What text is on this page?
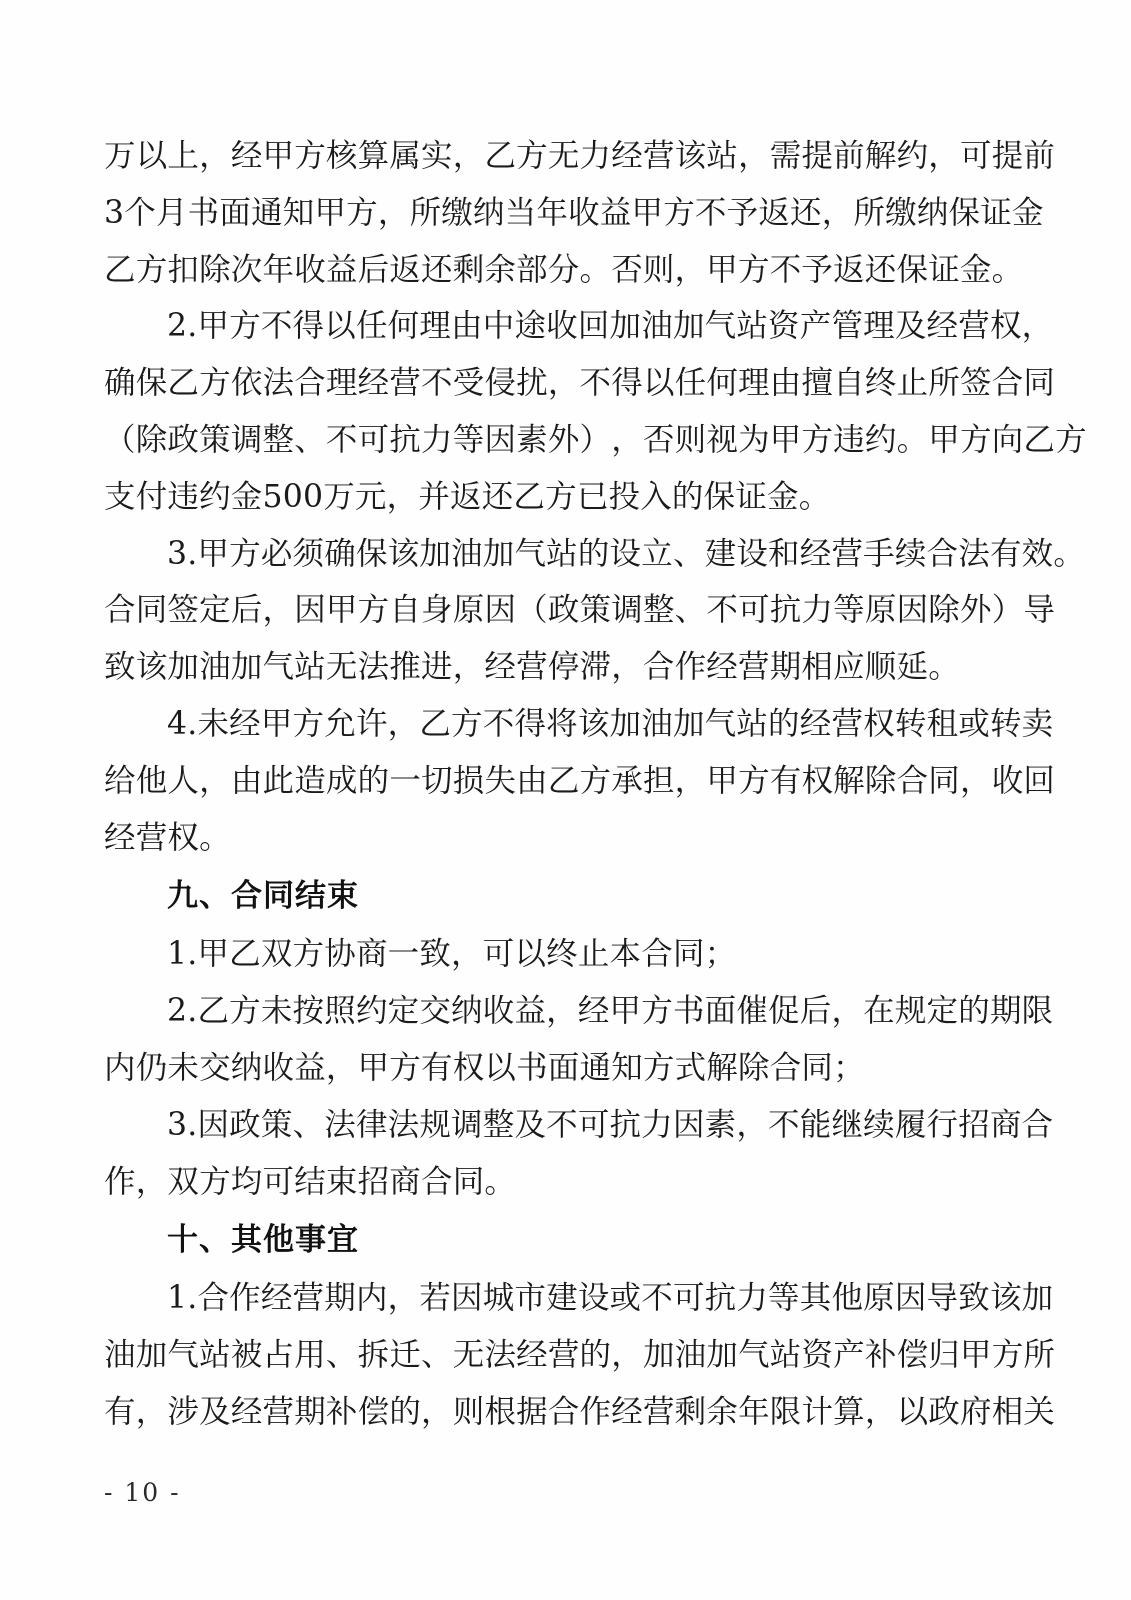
万 以 上 ， 经 甲 方 核 算 属 实 ， 乙 方 无 力 经 营 该 站 ， 需 提 前 解 约 ， 可 提 前
3 个 月 书 面 通 知 甲 方 ， 所 缴 纳 当 年 收 益 甲 方 不 予 返 还 ， 所 缴 纳 保 证 金
乙方扣除次年收益后返还剩余部分。否则，甲方不予返还保证金。
2.甲方不得以任何理由中途收回加油加气站资产管理及经营权，
确 保 乙 方 依 法 合 理 经 营 不 受 侵 扰 ， 不 得 以 任 何 理 由 擅 自 终 止 所 签 合 同
（ 除 政 策 调 整 、 不 可 抗 力 等 因 素 外 ） ， 否 则 视 为 甲 方 违 约 。 甲 方 向 乙 方
支付违约金500万元，并返还乙方已投入的保证金。
3.甲方必须确保该加油加气站的设立、建设和经营手续合法有效。
合 同 签 定 后 ， 因 甲 方 自 身 原 因 （ 政 策 调 整 、 不 可 抗 力 等 原 因 除 外 ） 导
致该加油加气站无法推进，经营停滞，合作经营期相应顺延。
4.未经甲方允许，乙方不得将该加油加气站的经营权转租或转卖
给 他 人 ， 由 此 造 成 的 一 切 损 失 由 乙 方 承 担 ， 甲 方 有 权 解 除 合 同 ， 收 回
经营权。
九、合同结束
1.甲乙双方协商一致，可以终止本合同；
2.乙方未按照约定交纳收益，经甲方书面催促后，在规定的期限
内仍未交纳收益，甲方有权以书面通知方式解除合同；
3.因政策、法律法规调整及不可抗力因素，不能继续履行招商合
作，双方均可结束招商合同。
十、其他事宜
1.合作经营期内，若因城市建设或不可抗力等其他原因导致该加
油 加 气 站 被 占 用 、 拆 迁 、 无 法 经 营 的 ， 加 油 加 气 站 资 产 补 偿 归 甲 方 所
有 ， 涉 及 经 营 期 补 偿 的 ， 则 根 据 合 作 经 营 剩 余 年 限 计 算 ， 以 政 府 相 关
- 10 -
